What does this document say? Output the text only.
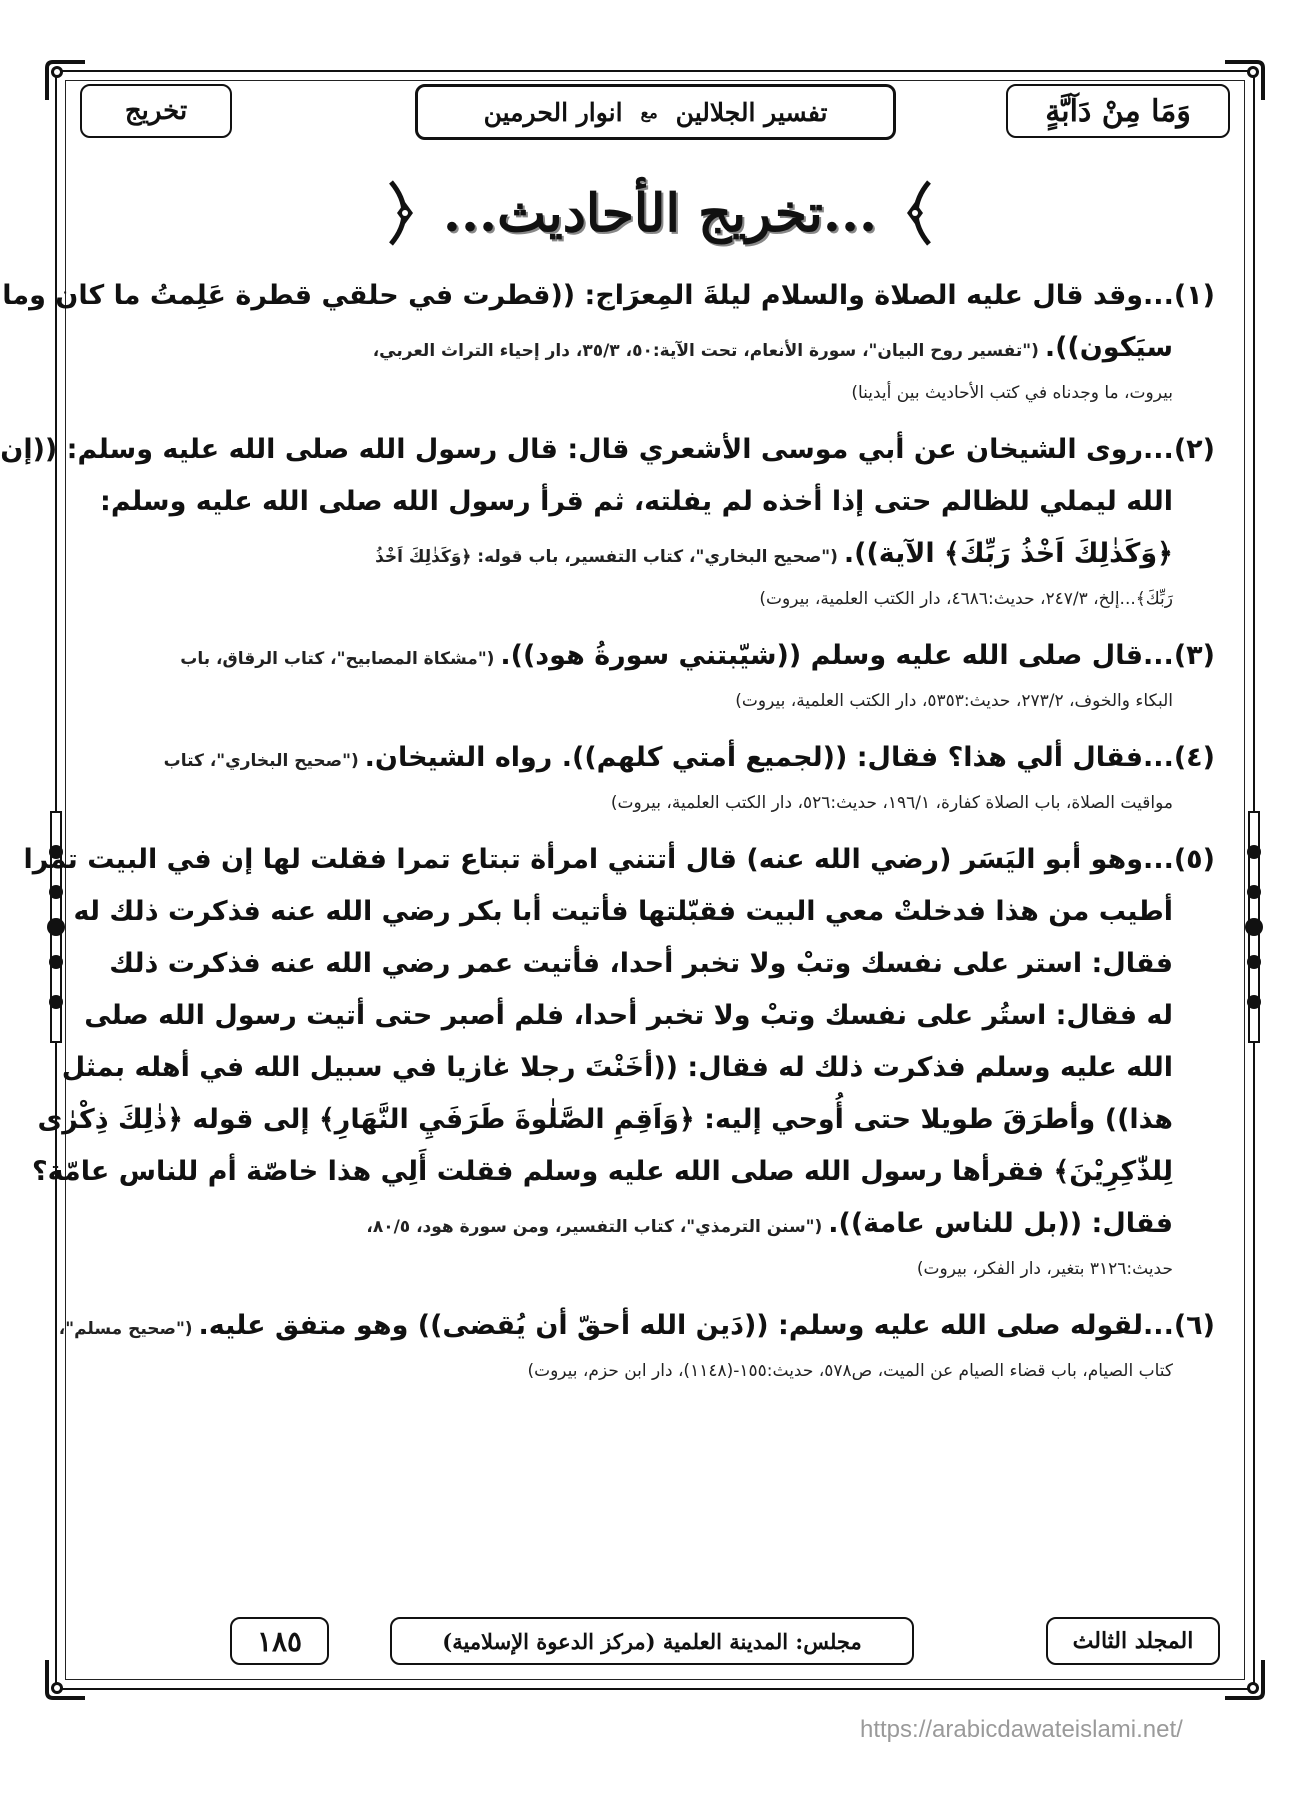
وَمَا مِنْ دَآبَّةٍ
تفسیر الجلالین
مع
انوار الحرمین
تخريج
...تخريج الأحاديث...
(١)...وقد قال عليه الصلاة والسلام ليلةَ المِعرَاج: ((قطرت في حلقي قطرة عَلِمتُ ما كان وما
سيَكون)). ("تفسير روح البيان"، سورة الأنعام، تحت الآية:٥٠، ٣٥/٣، دار إحياء التراث العربي،
بيروت، ما وجدناه في كتب الأحاديث بين أيدينا)
(٢)...روى الشيخان عن أبي موسى الأشعري قال: قال رسول الله صلى الله عليه وسلم: ((إن
الله ليملي للظالم حتى إذا أخذه لم يفلته، ثم قرأ رسول الله صلى الله عليه وسلم:
﴿وَكَذٰلِكَ اَخْذُ رَبِّكَ﴾ الآية)). ("صحيح البخاري"، كتاب التفسير، باب قوله: ﴿وَكَذٰلِكَ اَخْذُ
رَبِّكَ﴾...إلخ، ٢٤٧/٣، حديث:٤٦٨٦، دار الكتب العلمية، بيروت)
(٣)...قال صلى الله عليه وسلم ((شيّبتني سورةُ هود)). ("مشكاة المصابيح"، كتاب الرقاق، باب
البكاء والخوف، ٢٧٣/٢، حديث:٥٣٥٣، دار الكتب العلمية، بيروت)
(٤)...فقال ألي هذا؟ فقال: ((لجميع أمتي كلهم)). رواه الشيخان. ("صحيح البخاري"، كتاب
مواقيت الصلاة، باب الصلاة كفارة، ١٩٦/١، حديث:٥٢٦، دار الكتب العلمية، بيروت)
(٥)...وهو أبو اليَسَر (رضي الله عنه) قال أتتني امرأة تبتاع تمرا فقلت لها إن في البيت تمرا
أطيب من هذا فدخلتْ معي البيت فقبّلتها فأتيت أبا بكر رضي الله عنه فذكرت ذلك له
فقال: استر على نفسك وتبْ ولا تخبر أحدا، فأتيت عمر رضي الله عنه فذكرت ذلك
له فقال: استُر على نفسك وتبْ ولا تخبر أحدا، فلم أصبر حتى أتيت رسول الله صلى
الله عليه وسلم فذكرت ذلك له فقال: ((أخَنْتَ رجلا غازيا في سبيل الله في أهله بمثل
هذا)) وأطرَقَ طويلا حتى أُوحي إليه: ﴿وَاَقِمِ الصَّلٰوةَ طَرَفَيِ النَّهَارِ﴾ إلى قوله ﴿ذٰلِكَ ذِكْرٰى
لِلذّٰكِرِيْنَ﴾ فقرأها رسول الله صلى الله عليه وسلم فقلت أَلِي هذا خاصّة أم للناس عامّة؟
فقال: ((بل للناس عامة)). ("سنن الترمذي"، كتاب التفسير، ومن سورة هود، ٨٠/٥،
حديث:٣١٢٦ بتغير، دار الفكر، بيروت)
(٦)...لقوله صلى الله عليه وسلم: ((دَين الله أحقّ أن يُقضى)) وهو متفق عليه. ("صحيح مسلم"،
كتاب الصيام، باب قضاء الصيام عن الميت، ص٥٧٨، حديث:١٥٥-(١١٤٨)، دار ابن حزم، بيروت)
المجلد الثالث
مجلس: المدينة العلمية (مركز الدعوة الإسلامية)
١٨٥
https://arabicdawateislami.net/
